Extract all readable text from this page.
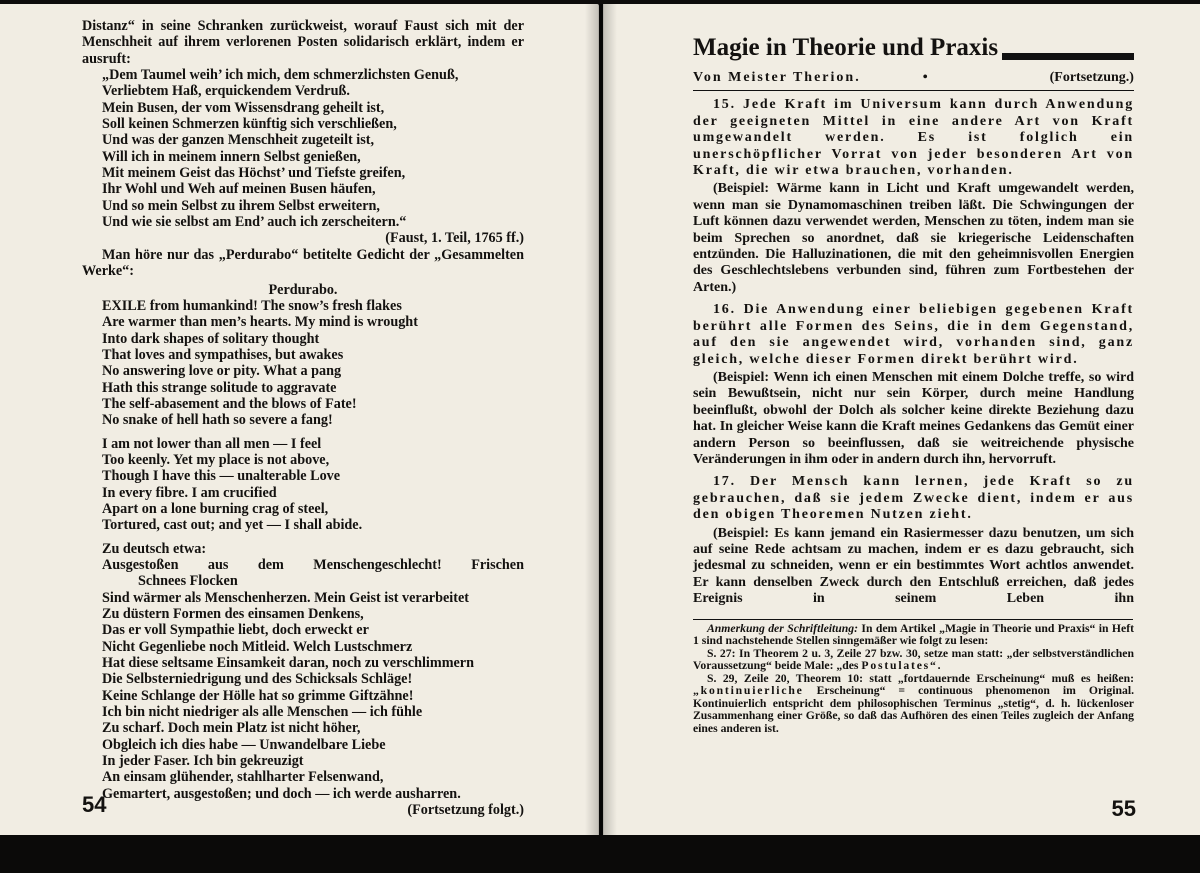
Distanz“ in seine Schranken zurückweist, worauf Faust sich mit der Menschheit auf ihrem verlorenen Posten solidarisch erklärt, indem er ausruft:

„Dem Taumel weih’ ich mich, dem schmerzlichsten Genuß,
Verliebtem Haß, erquickendem Verdruß.
Mein Busen, der vom Wissensdrang geheilt ist,
Soll keinen Schmerzen künftig sich verschließen,
Und was der ganzen Menschheit zugeteilt ist,
Will ich in meinem innern Selbst genießen,
Mit meinem Geist das Höchst’ und Tiefste greifen,
Ihr Wohl und Weh auf meinen Busen häufen,
Und so mein Selbst zu ihrem Selbst erweitern,
Und wie sie selbst am End’ auch ich zerscheitern.“

(Faust, 1. Teil, 1765 ff.)

Man höre nur das „Perdurabo“ betitelte Gedicht der „Gesammelten Werke“:

Perdurabo.

EXILE from humankind! The snow’s fresh flakes
Are warmer than men’s hearts. My mind is wrought
Into dark shapes of solitary thought
That loves and sympathises, but awakes
No answering love or pity. What a pang
Hath this strange solitude to aggravate
The self-abasement and the blows of Fate!
No snake of hell hath so severe a fang!
I am not lower than all men — I feel
Too keenly. Yet my place is not above,
Though I have this — unalterable Love
In every fibre. I am crucified
Apart on a lone burning crag of steel,
Tortured, cast out; and yet — I shall abide.

Zu deutsch etwa:

Ausgestoßen aus dem Menschengeschlecht! Frischen
Schnees Flocken
Sind wärmer als Menschenherzen. Mein Geist ist verarbeitet
Zu düstern Formen des einsamen Denkens,
Das er voll Sympathie liebt, doch erweckt er
Nicht Gegenliebe noch Mitleid. Welch Lustschmerz
Hat diese seltsame Einsamkeit daran, noch zu verschlimmern
Die Selbsterniedrigung und des Schicksals Schläge!
Keine Schlange der Hölle hat so grimme Giftzähne!
Ich bin nicht niedriger als alle Menschen — ich fühle
Zu scharf. Doch mein Platz ist nicht höher,
Obgleich ich dies habe — Unwandelbare Liebe
In jeder Faser. Ich bin gekreuzigt
An einsam glühender, stahlharter Felsenwand,
Gemartert, ausgestoßen; und doch — ich werde ausharren.

(Fortsetzung folgt.)

54
Magie in Theorie und Praxis
Von Meister Therion.	•	(Fortsetzung.)

15. Jede Kraft im Universum kann durch Anwendung der geeigneten Mittel in eine andere Art von Kraft umgewandelt werden. Es ist folglich ein unerschöpflicher Vorrat von jeder besonderen Art von Kraft, die wir etwa brauchen, vorhanden.

(Beispiel: Wärme kann in Licht und Kraft umgewandelt werden, wenn man sie Dynamomaschinen treiben läßt. Die Schwingungen der Luft können dazu verwendet werden, Menschen zu töten, indem man sie beim Sprechen so anordnet, daß sie kriegerische Leidenschaften entzünden. Die Halluzinationen, die mit den geheimnisvollen Energien des Geschlechtslebens verbunden sind, führen zum Fortbestehen der Arten.)

16. Die Anwendung einer beliebigen gegebenen Kraft berührt alle Formen des Seins, die in dem Gegenstand, auf den sie angewendet wird, vorhanden sind, ganz gleich, welche dieser Formen direkt berührt wird.

(Beispiel: Wenn ich einen Menschen mit einem Dolche treffe, so wird sein Bewußtsein, nicht nur sein Körper, durch meine Handlung beeinflußt, obwohl der Dolch als solcher keine direkte Beziehung dazu hat. In gleicher Weise kann die Kraft meines Gedankens das Gemüt einer andern Person so beeinflussen, daß sie weitreichende physische Veränderungen in ihm oder in andern durch ihn, hervorruft.

17. Der Mensch kann lernen, jede Kraft so zu gebrauchen, daß sie jedem Zwecke dient, indem er aus den obigen Theoremen Nutzen zieht.

(Beispiel: Es kann jemand ein Rasiermesser dazu benutzen, um sich auf seine Rede achtsam zu machen, indem er es dazu gebraucht, sich jedesmal zu schneiden, wenn er ein bestimmtes Wort achtlos anwendet. Er kann denselben Zweck durch den Entschluß erreichen, daß jedes Ereignis in seinem Leben ihn

Anmerkung der Schriftleitung: In dem Artikel „Magie in Theorie und Praxis“ in Heft 1 sind nachstehende Stellen sinngemäßer wie folgt zu lesen:

S. 27: In Theorem 2 u. 3, Zeile 27 bzw. 30, setze man statt: „der selbstverständlichen Voraussetzung“ beide Male: „des Postulates“.

S. 29, Zeile 20, Theorem 10: statt „fortdauernde Erscheinung“ muß es heißen: „kontinuierliche Erscheinung“ = continuous phenomenon im Original. Kontinuierlich entspricht dem philosophischen Terminus „stetig“, d. h. lückenloser Zusammenhang einer Größe, so daß das Aufhören des einen Teiles zugleich der Anfang eines anderen ist.

55
